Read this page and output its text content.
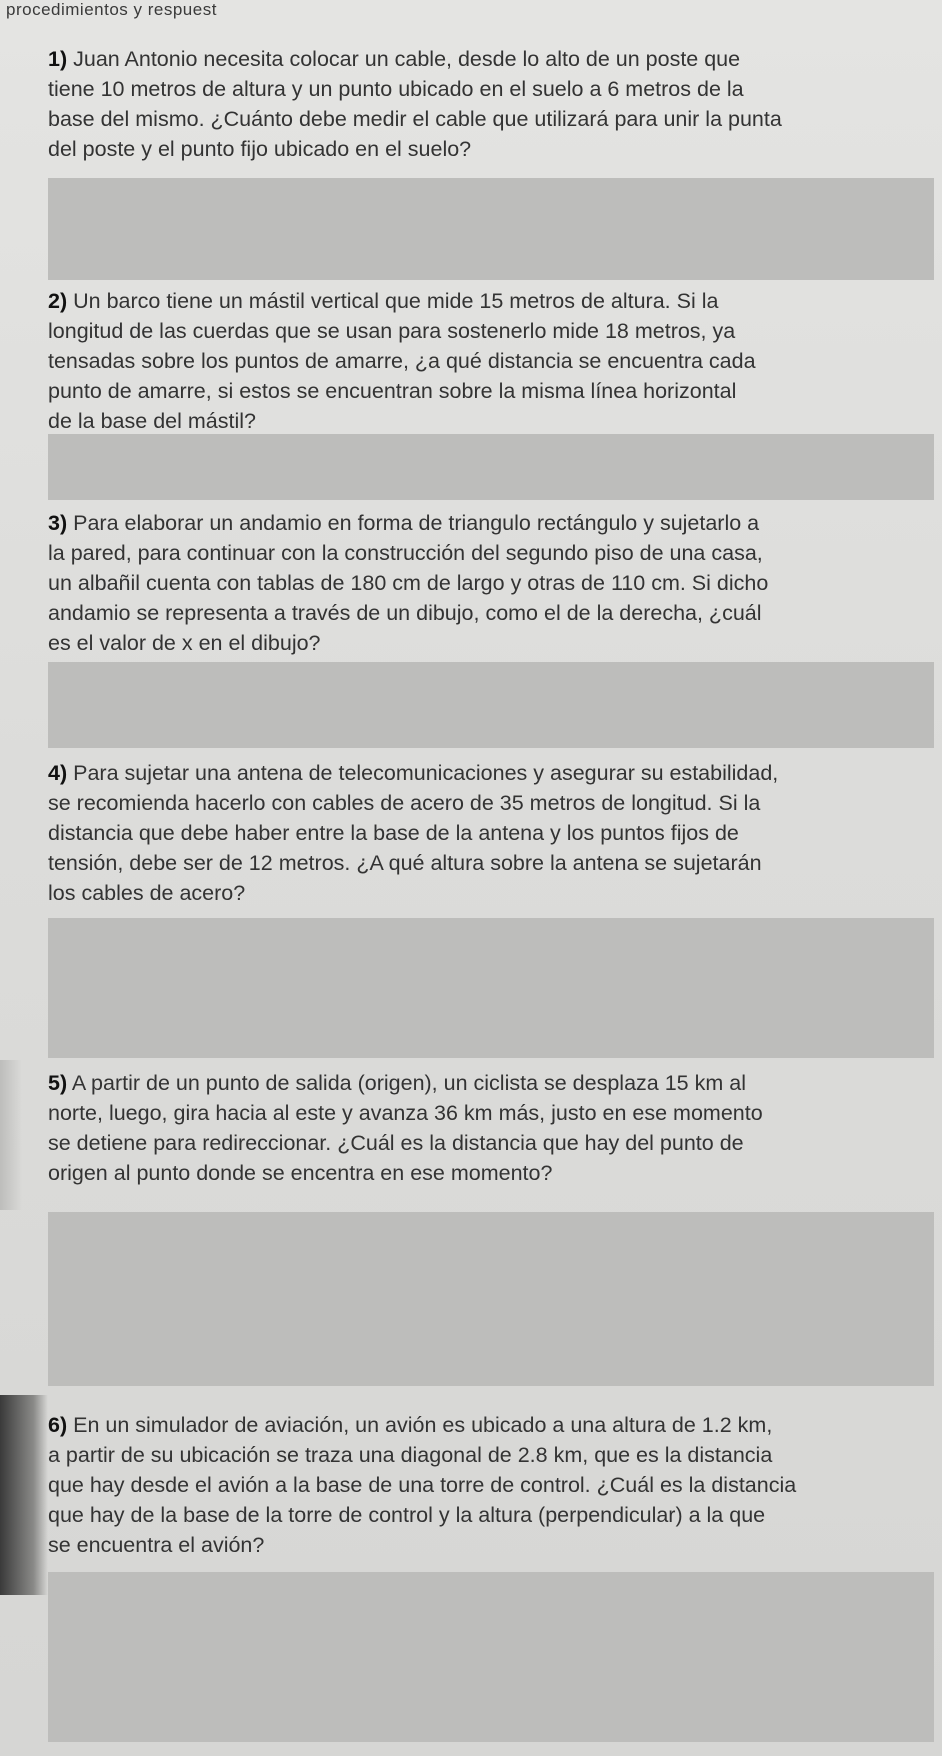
procedimientos y respuest
1) Juan Antonio necesita colocar un cable, desde lo alto de un poste que
tiene 10 metros de altura y un punto ubicado en el suelo a 6 metros de la
base del mismo. ¿Cuánto debe medir el cable que utilizará para unir la punta
del poste y el punto fijo ubicado en el suelo?
2) Un barco tiene un mástil vertical que mide 15 metros de altura. Si la
longitud de las cuerdas que se usan para sostenerlo mide 18 metros, ya
tensadas sobre los puntos de amarre, ¿a qué distancia se encuentra cada
punto de amarre, si estos se encuentran sobre la misma línea horizontal
de la base del mástil?
3) Para elaborar un andamio en forma de triangulo rectángulo y sujetarlo a
la pared, para continuar con la construcción del segundo piso de una casa,
un albañil cuenta con tablas de 180 cm de largo y otras de 110 cm. Si dicho
andamio se representa a través de un dibujo, como el de la derecha, ¿cuál
es el valor de x en el dibujo?
4) Para sujetar una antena de telecomunicaciones y asegurar su estabilidad,
se recomienda hacerlo con cables de acero de 35 metros de longitud. Si la
distancia que debe haber entre la base de la antena y los puntos fijos de
tensión, debe ser de 12 metros. ¿A qué altura sobre la antena se sujetarán
los cables de acero?
5) A partir de un punto de salida (origen), un ciclista se desplaza 15 km al
norte, luego, gira hacia al este y avanza 36 km más, justo en ese momento
se detiene para redireccionar. ¿Cuál es la distancia que hay del punto de
origen al punto donde se encentra en ese momento?
6) En un simulador de aviación, un avión es ubicado a una altura de 1.2 km,
a partir de su ubicación se traza una diagonal de 2.8 km, que es la distancia
que hay desde el avión a la base de una torre de control. ¿Cuál es la distancia
que hay de la base de la torre de control y la altura (perpendicular) a la que
se encuentra el avión?
